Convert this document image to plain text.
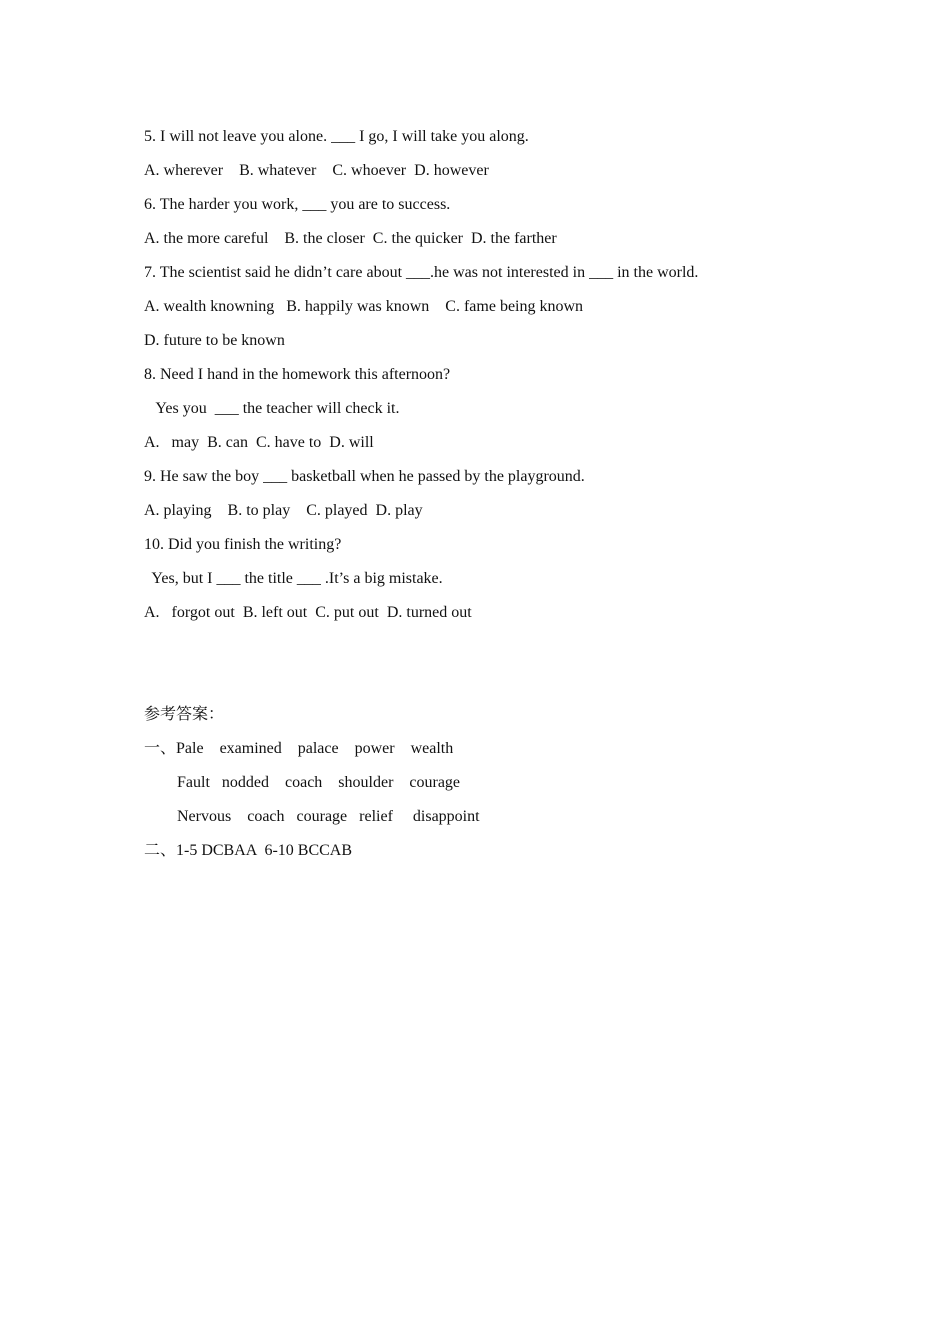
5. I will not leave you alone. ___ I go, I will take you along.
A. wherever    B. whatever    C. whoever  D. however
6. The harder you work, ___ you are to success.
A. the more careful    B. the closer  C. the quicker  D. the farther
7. The scientist said he didn’t care about ___.he was not interested in ___ in the world.
A. wealth knowning   B. happily was known    C. fame being known
D. future to be known
8. Need I hand in the homework this afternoon?
Yes you  ___ the teacher will check it.
A.   may  B. can  C. have to  D. will
9. He saw the boy ___ basketball when he passed by the playground.
A. playing    B. to play    C. played  D. play
10. Did you finish the writing?
Yes, but I ___ the title ___ .It’s a big mistake.
A.   forgot out  B. left out  C. put out  D. turned out
参考答案：
一、Pale    examined    palace    power    wealth
Fault   nodded    coach    shoulder    courage
Nervous    coach   courage   relief     disappoint
二、1-5 DCBAA  6-10 BCCAB
